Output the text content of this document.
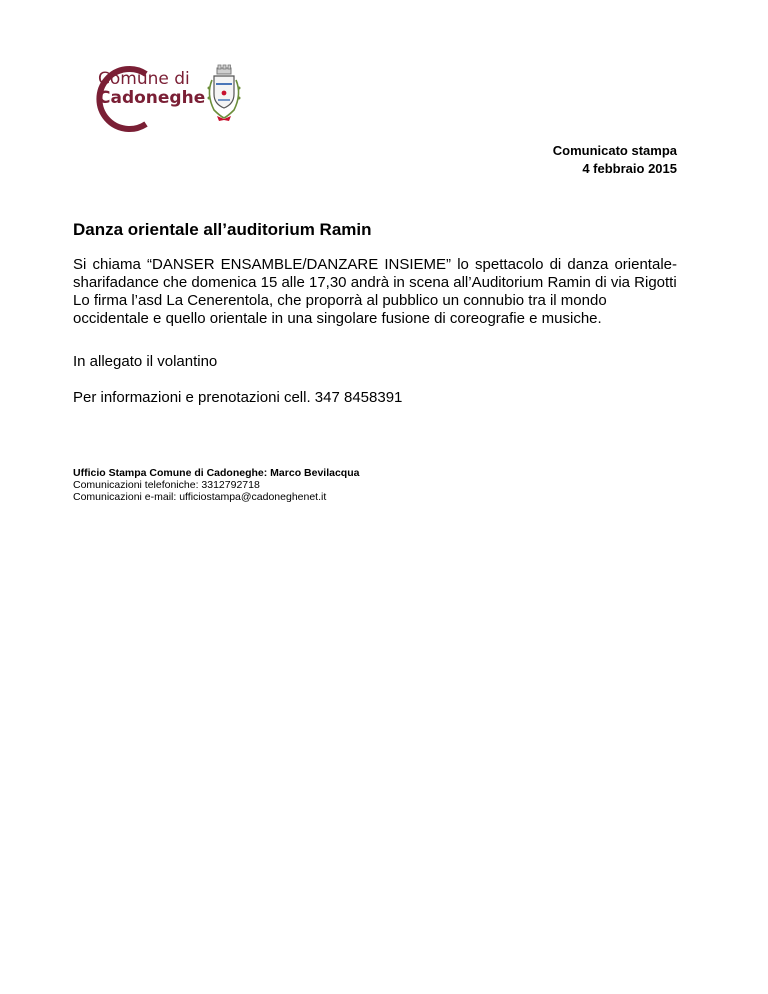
Comune di
Cadoneghe
Comunicato stampa
4 febbraio 2015
Danza orientale all’auditorium Ramin

Si chiama “DANSER ENSAMBLE/DANZARE INSIEME” lo spettacolo di danza orientale-sharifadance che domenica 15 alle 17,30 andrà in scena all’Auditorium Ramin di via Rigotti

Lo firma l’asd La Cenerentola, che proporrà al pubblico un connubio tra il mondo occidentale e quello orientale in una singolare fusione di coreografie e musiche.

In allegato il volantino

Per informazioni e prenotazioni cell. 347 8458391

Ufficio Stampa Comune di Cadoneghe: Marco Bevilacqua
Comunicazioni telefoniche: 3312792718
Comunicazioni e-mail: ufficiostampa@cadoneghenet.it
